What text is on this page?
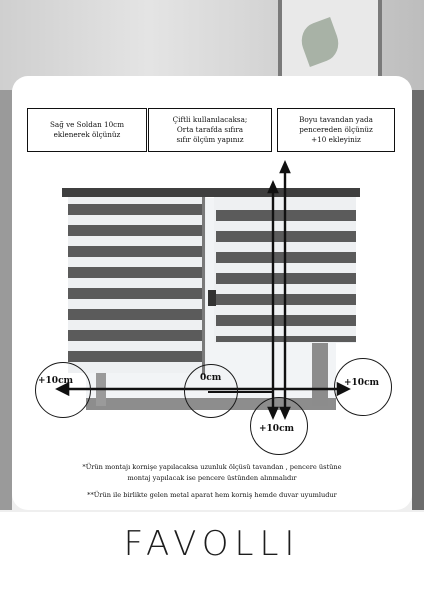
Sağ ve Soldan 10cm
eklenerek ölçünüz
Çiftli kullanılacaksa;
Orta tarafda sıfıra
sıfır ölçüm yapınız
Boyu tavandan yada
pencereden ölçünüz
+10 ekleyiniz
+10cm	0cm	+10cm
+10cm
*Ürün montajı kornişe yapılacaksa uzunluk ölçüsü tavandan , pencere üstüne
montaj yapılacak ise pencere üstünden alınmalıdır
**Ürün ile birlikte gelen metal aparat hem korniş hemde duvar uyumludur
FAVOLLI
